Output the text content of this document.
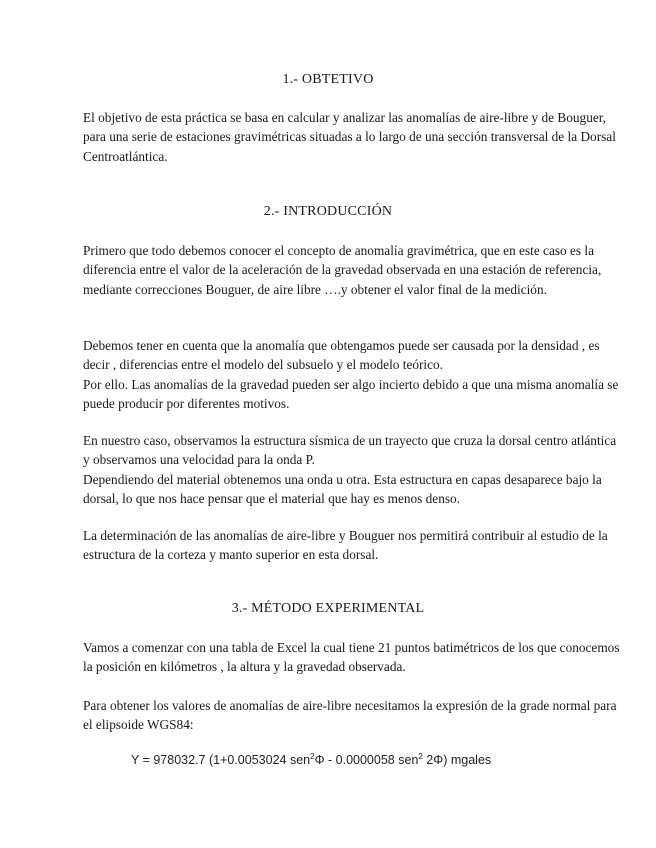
1.- OBTETIVO

El objetivo de esta práctica se basa en calcular y analizar las anomalías de aire-libre y de Bouguer, para una serie de estaciones gravimétricas situadas a lo largo de una sección transversal de la Dorsal Centroatlántica.

2.- INTRODUCCIÓN

Primero que todo debemos conocer el concepto de anomalía gravimétrica, que en este caso es la diferencia entre el valor de la aceleración de la gravedad observada en una estación de referencia, mediante correcciones Bouguer, de aire libre ….y obtener el valor final de la medición.

Debemos tener en cuenta que la anomalía que obtengamos puede ser causada por la densidad , es decir , diferencias entre el modelo del subsuelo y el modelo teórico.

Por ello. Las anomalías de la gravedad pueden ser algo incierto debido a que una misma anomalía se puede producir por diferentes motivos.

En nuestro caso, observamos la estructura sísmica de un trayecto que cruza la dorsal centro atlántica y observamos una velocidad para la onda P.

Dependiendo del material obtenemos una onda u otra. Esta estructura en capas desaparece bajo la dorsal, lo que nos hace pensar que el material que hay es menos denso.

La determinación de las anomalías de aire-libre y Bouguer nos permitirá contribuir al estudio de la estructura de la corteza y manto superior en esta dorsal.

3.- MÉTODO EXPERIMENTAL

Vamos a comenzar con una tabla de Excel la cual tiene 21 puntos batimétricos de los que conocemos la posición en kilómetros , la altura y la gravedad observada.

Para obtener los valores de anomalías de aire-libre necesitamos la expresión de la grade normal para el elipsoide WGS84:

Υ = 978032.7 (1+0.0053024 sen$^2$Φ - 0.0000058 sen$^2$ 2Φ) mgales
